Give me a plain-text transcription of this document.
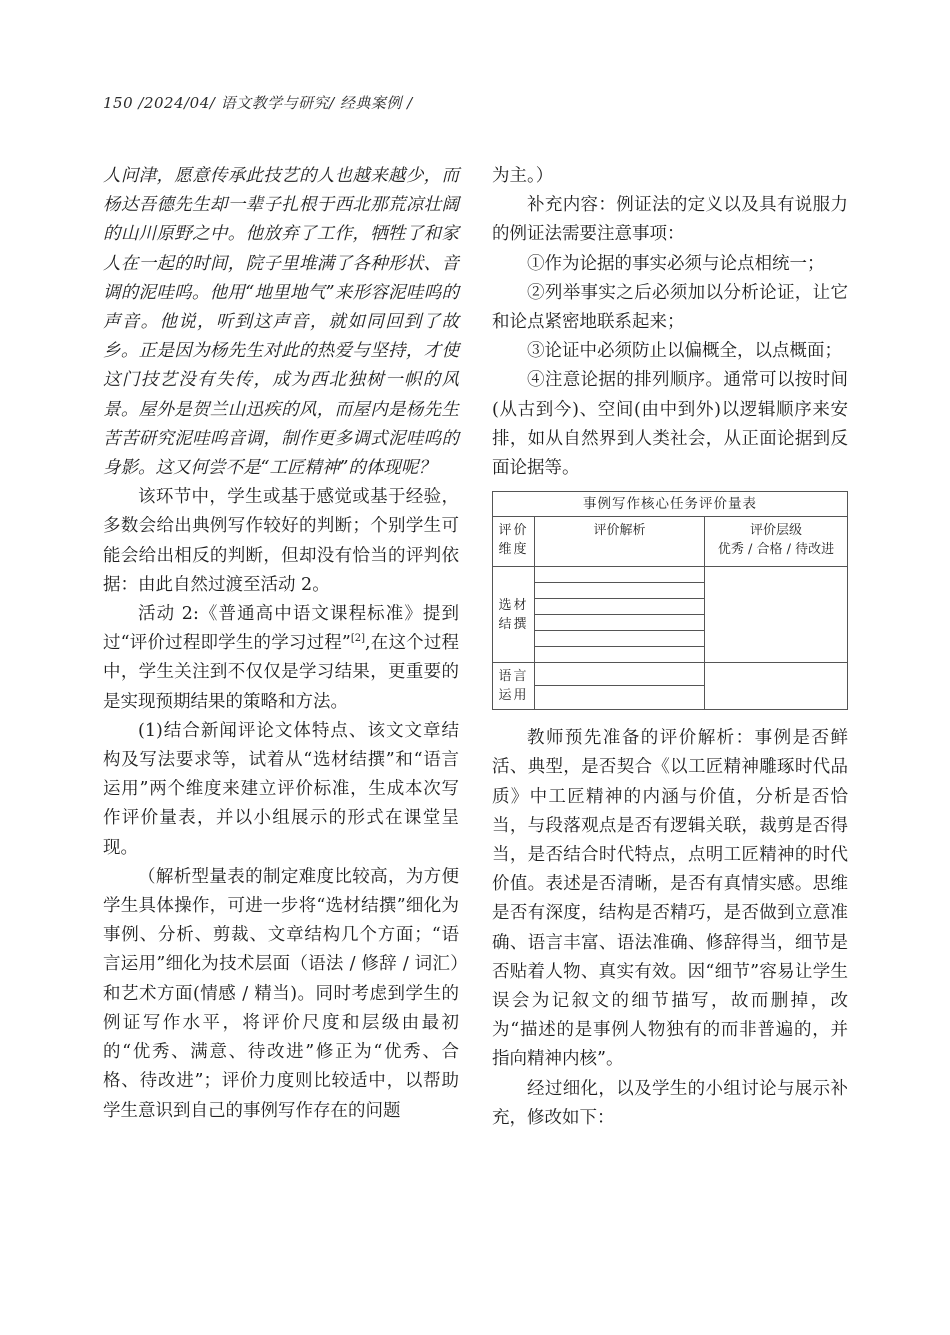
150 /2024/04/ 语文教学与研究/ 经典案例 /

人问津，愿意传承此技艺的人也越来越少，而杨达吾德先生却一辈子扎根于西北那荒凉壮阔的山川原野之中。他放弃了工作，牺牲了和家人在一起的时间，院子里堆满了各种形状、音调的泥哇呜。他用“地里地气”来形容泥哇呜的声音。他说，听到这声音，就如同回到了故乡。正是因为杨先生对此的热爱与坚持，才使这门技艺没有失传，成为西北独树一帜的风景。屋外是贺兰山迅疾的风，而屋内是杨先生苦苦研究泥哇呜音调，制作更多调式泥哇呜的身影。这又何尝不是“工匠精神”的体现呢？

该环节中，学生或基于感觉或基于经验，多数会给出典例写作较好的判断；个别学生可能会给出相反的判断，但却没有恰当的评判依据：由此自然过渡至活动 2。

活动 2:《普通高中语文课程标准》提到过“评价过程即学生的学习过程”[2],在这个过程中，学生关注到不仅仅是学习结果，更重要的是实现预期结果的策略和方法。

(1)结合新闻评论文体特点、该文文章结构及写法要求等，试着从“选材结撰”和“语言运用”两个维度来建立评价标准，生成本次写作评价量表，并以小组展示的形式在课堂呈现。

（解析型量表的制定难度比较高，为方便学生具体操作，可进一步将“选材结撰”细化为事例、分析、剪裁、文章结构几个方面；“语言运用”细化为技术层面（语法 / 修辞 / 词汇）和艺术方面(情感 / 精当)。同时考虑到学生的例证写作水平，将评价尺度和层级由最初的“优秀、满意、待改进”修正为“优秀、合格、待改进”；评价力度则比较适中，以帮助学生意识到自己的事例写作存在的问题

为主。）

补充内容：例证法的定义以及具有说服力的例证法需要注意事项：

①作为论据的事实必须与论点相统一；

②列举事实之后必须加以分析论证，让它和论点紧密地联系起来；

③论证中必须防止以偏概全，以点概面；

④注意论据的排列顺序。通常可以按时间(从古到今)、空间(由中到外)以逻辑顺序来安排，如从自然界到人类社会，从正面论据到反面论据等。

事例写作核心任务评价量表
评价维度
评价解析	评价层级
优秀 / 合格 / 待改进
选材结撰
语言运用

教师预先准备的评价解析：事例是否鲜活、典型，是否契合《以工匠精神雕琢时代品质》中工匠精神的内涵与价值，分析是否恰当，与段落观点是否有逻辑关联，裁剪是否得当，是否结合时代特点，点明工匠精神的时代价值。表述是否清晰，是否有真情实感。思维是否有深度，结构是否精巧，是否做到立意准确、语言丰富、语法准确、修辞得当，细节是否贴着人物、真实有效。因“细节”容易让学生误会为记叙文的细节描写，故而删掉，改为“描述的是事例人物独有的而非普遍的，并指向精神内核”。

经过细化，以及学生的小组讨论与展示补充，修改如下：
